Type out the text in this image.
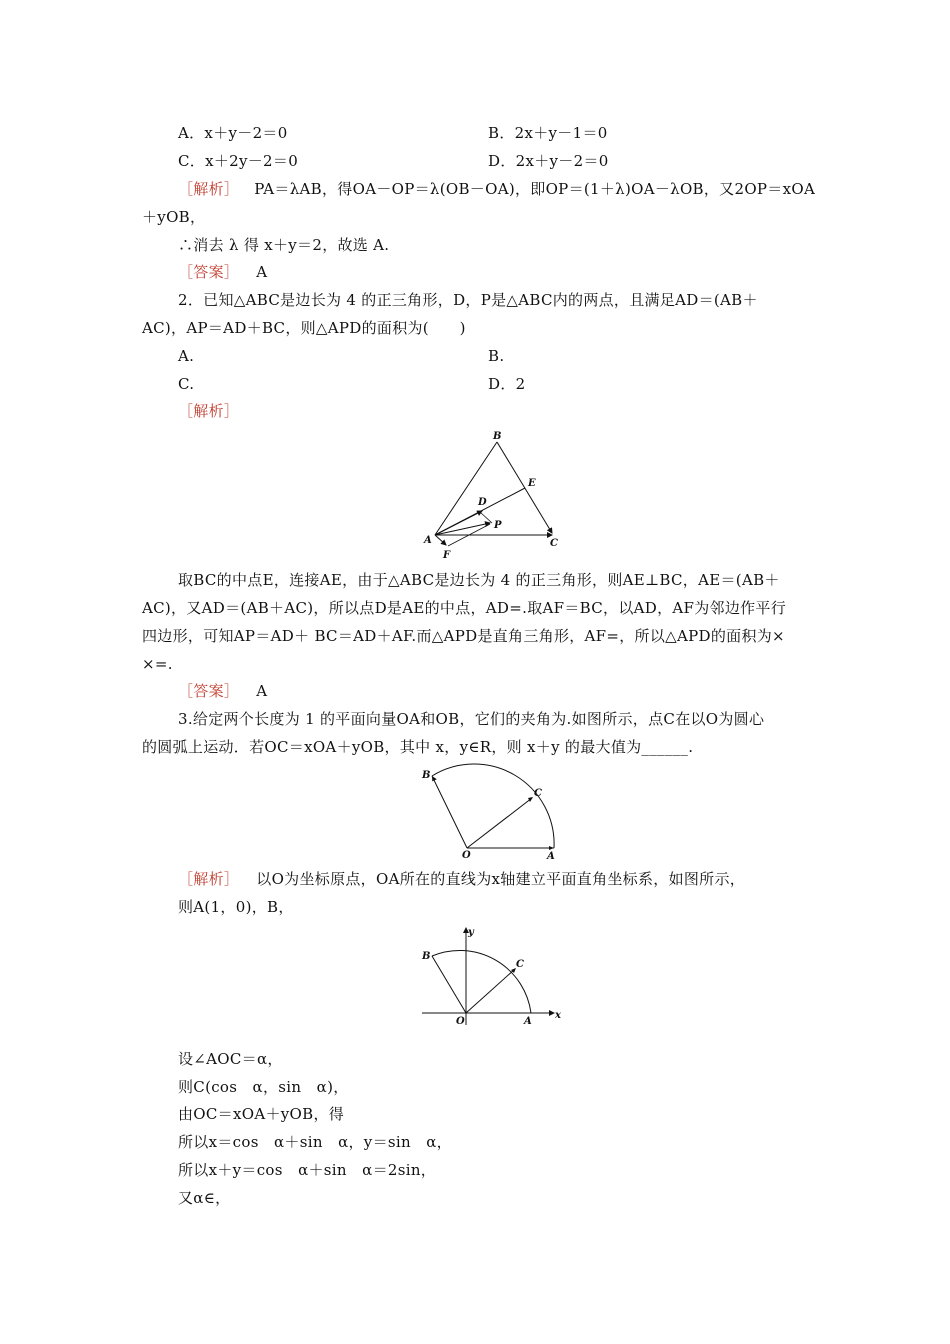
A．x＋y－2＝0	B．2x＋y－1＝0
C．x＋2y－2＝0	D．2x＋y－2＝0
［解析］ PA＝λAB，得OA－OP＝λ(OB－OA)，即OP＝(1＋λ)OA－λOB，又2OP＝xOA
＋yOB，
∴消去 λ 得 x＋y＝2，故选 A.
［答案］ A
2．已知△ABC是边长为 4 的正三角形，D，P是△ABC内的两点，且满足AD＝(AB＋
AC)，AP＝AD＋BC，则△APD的面积为(　　)
A.	B.
C.	D．2
［解析］
B
E
D
P
A
F
C
取BC的中点E，连接AE，由于△ABC是边长为 4 的正三角形，则AE⊥BC，AE＝(AB＋
AC)，又AD＝(AB＋AC)，所以点D是AE的中点，AD=.取AF＝BC，以AD，AF为邻边作平行
四边形，可知AP＝AD＋ BC＝AD＋AF.而△APD是直角三角形，AF=，所以△APD的面积为×
×=.
［答案］ A
3.给定两个长度为 1 的平面向量OA和OB，它们的夹角为.如图所示，点C在以O为圆心
的圆弧上运动．若OC＝xOA＋yOB，其中 x，y∈R，则 x＋y 的最大值为______.
B
C
O	A
［解析］ 以O为坐标原点，OA所在的直线为x轴建立平面直角坐标系，如图所示，
则A(1，0)，B，
y
B
C
O	A
x
设∠AOC＝α，
则C(cos　α，sin　α)，
由OC＝xOA＋yOB，得
所以x＝cos　α＋sin　α，y＝sin　α，
所以x＋y＝cos　α＋sin　α＝2sin，
又α∈，
